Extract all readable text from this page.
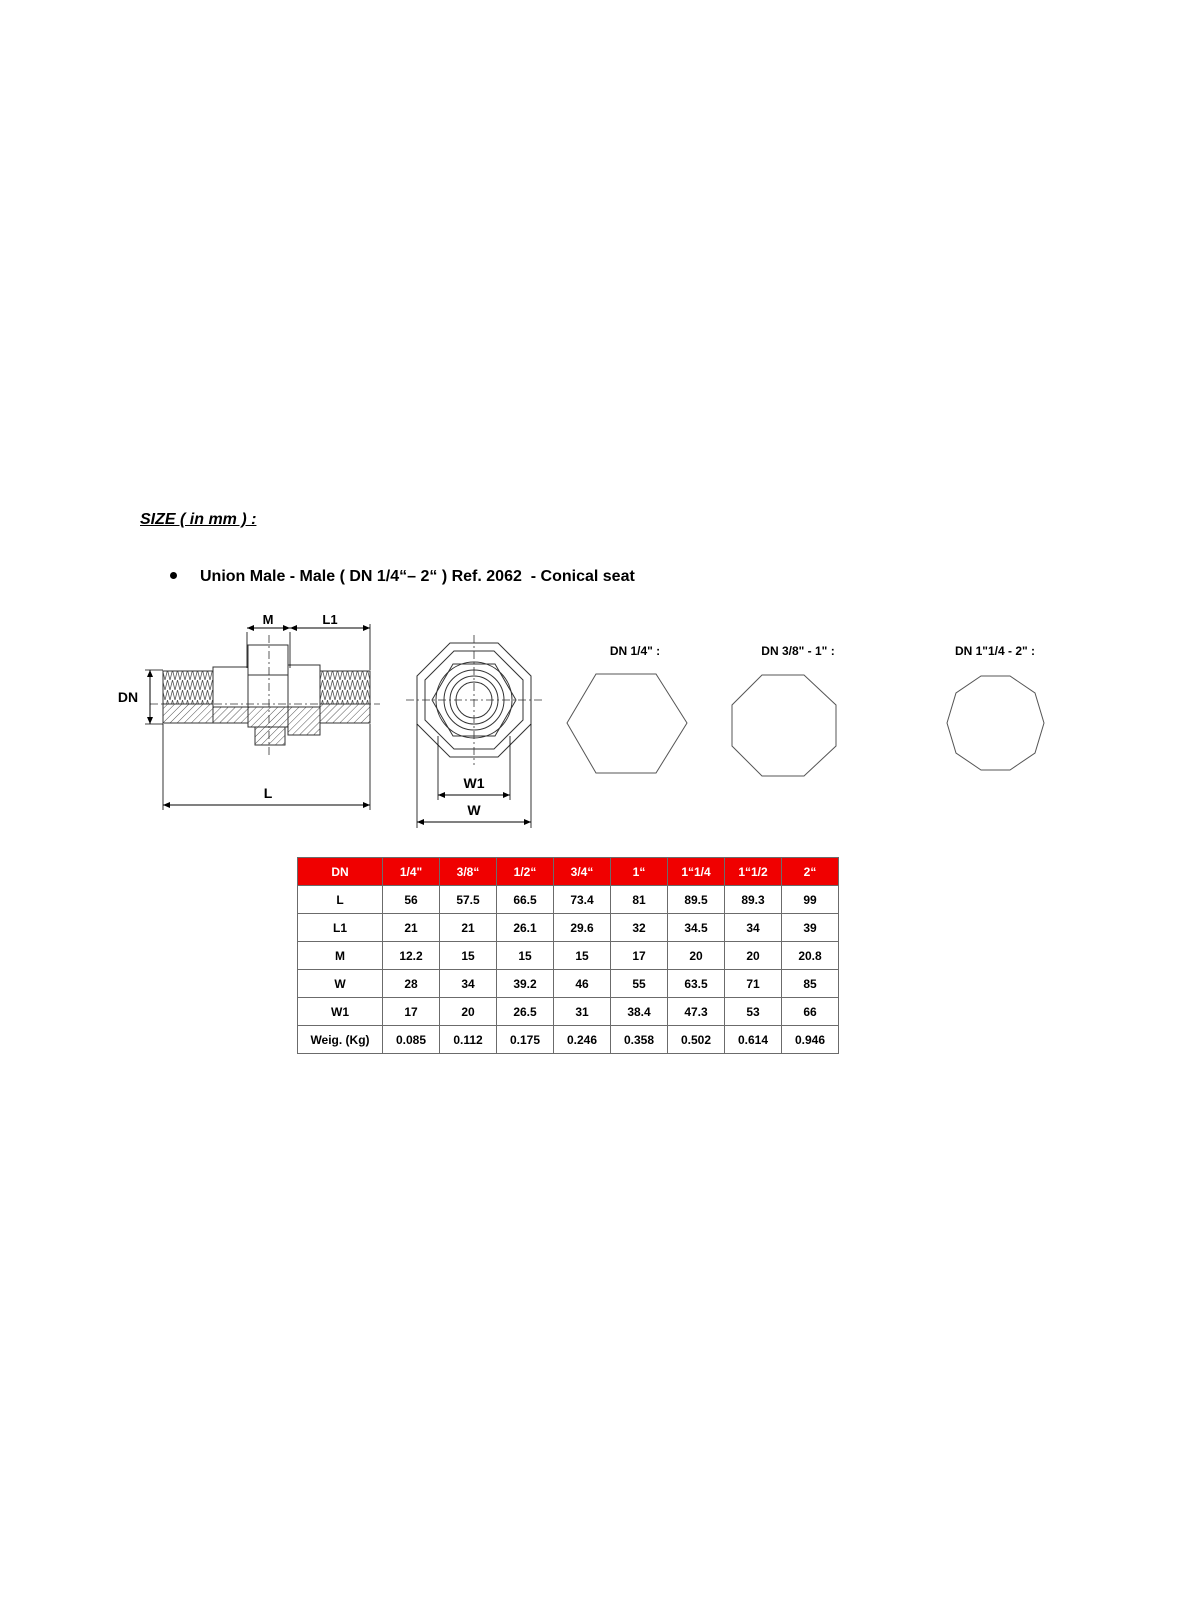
SIZE ( in mm ) :
Union Male - Male ( DN 1/4“– 2“ ) Ref. 2062  - Conical seat
M	L1
DN
L
W1
W
DN 1/4" :	DN 3/8" - 1" :	DN 1"1/4 - 2" :
DN	1/4"	3/8“	1/2“	3/4“	1“	1“1/4	1“1/2	2“
L	56	57.5	66.5	73.4	81	89.5	89.3	99
L1	21	21	26.1	29.6	32	34.5	34	39
M	12.2	15	15	15	17	20	20	20.8
W	28	34	39.2	46	55	63.5	71	85
W1	17	20	26.5	31	38.4	47.3	53	66
Weig. (Kg)	0.085	0.112	0.175	0.246	0.358	0.502	0.614	0.946
